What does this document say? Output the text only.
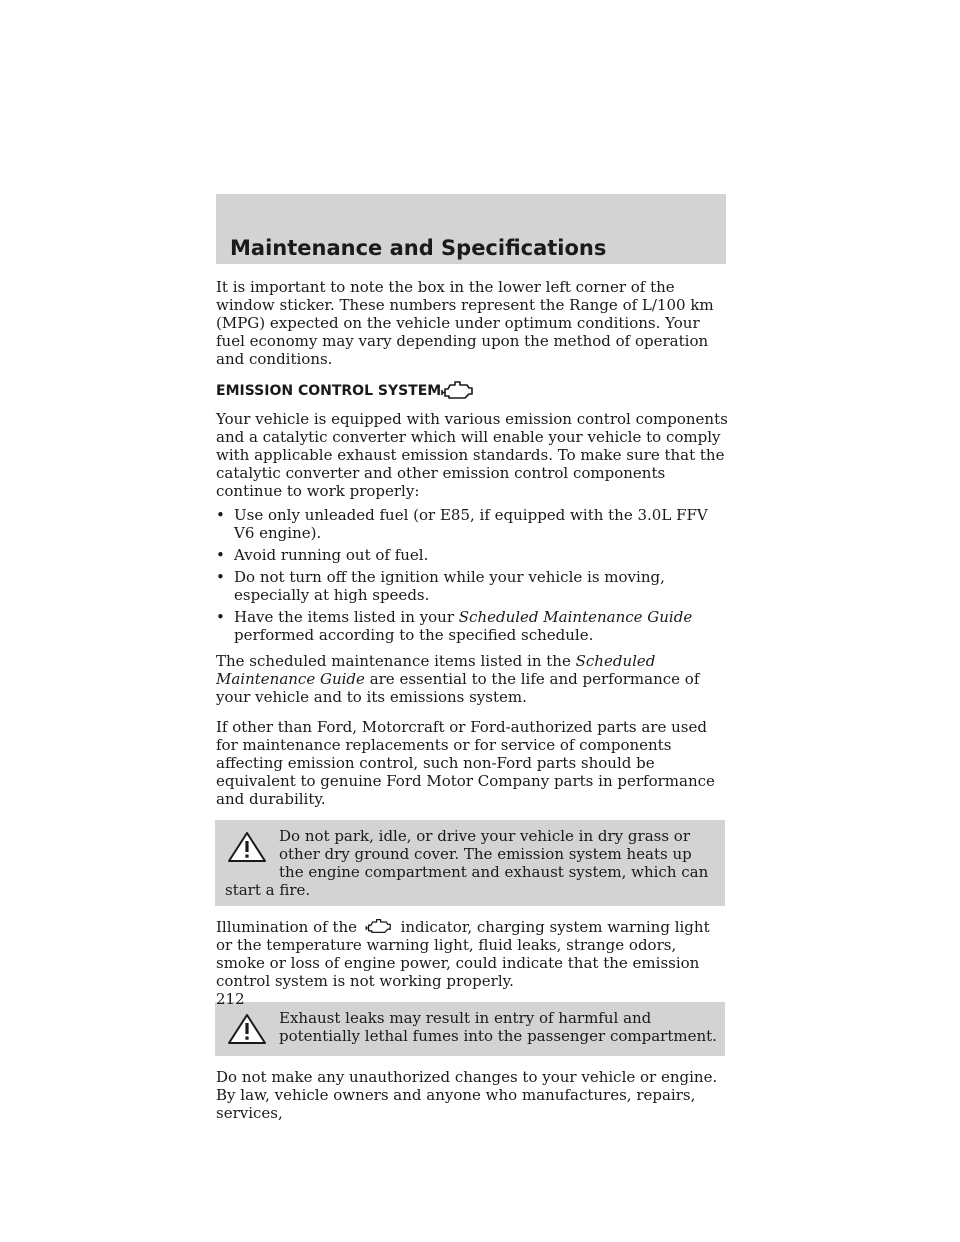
Maintenance and Specifications

It is important to note the box in the lower left corner of the window sticker. These numbers represent the Range of L/100 km (MPG) expected on the vehicle under optimum conditions. Your fuel economy may vary depending upon the method of operation and conditions.

EMISSION CONTROL SYSTEM

Your vehicle is equipped with various emission control components and a catalytic converter which will enable your vehicle to comply with applicable exhaust emission standards. To make sure that the catalytic converter and other emission control components continue to work properly:

• Use only unleaded fuel (or E85, if equipped with the 3.0L FFV V6 engine).
• Avoid running out of fuel.
• Do not turn off the ignition while your vehicle is moving, especially at high speeds.
• Have the items listed in your Scheduled Maintenance Guide performed according to the specified schedule.

The scheduled maintenance items listed in the Scheduled Maintenance Guide are essential to the life and performance of your vehicle and to its emissions system.

If other than Ford, Motorcraft or Ford-authorized parts are used for maintenance replacements or for service of components affecting emission control, such non-Ford parts should be equivalent to genuine Ford Motor Company parts in performance and durability.

Do not park, idle, or drive your vehicle in dry grass or other dry ground cover. The emission system heats up the engine compartment and exhaust system, which can start a fire.

Illumination of the	indicator, charging system warning light or the temperature warning light, fluid leaks, strange odors, smoke or loss of engine power, could indicate that the emission control system is not working properly.

Exhaust leaks may result in entry of harmful and potentially lethal fumes into the passenger compartment.

Do not make any unauthorized changes to your vehicle or engine. By law, vehicle owners and anyone who manufactures, repairs, services,

212
